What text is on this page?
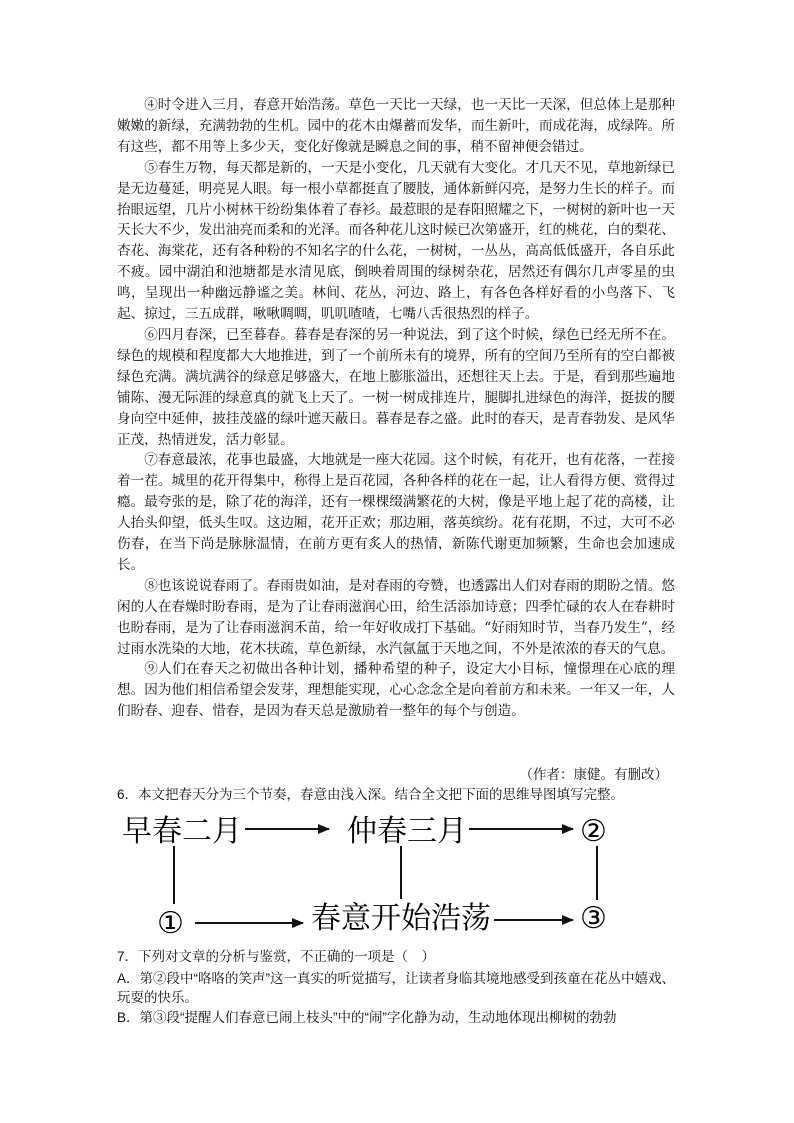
④时令进入三月，春意开始浩荡。草色一天比一天绿，也一天比一天深，但总体上是那种嫩嫩的新绿，充满勃勃的生机。园中的花木由爆蓄而发华，而生新叶，而成花海，成绿阵。所有这些，都不用等上多少天，变化好像就是瞬息之间的事，稍不留神便会错过。

⑤春生万物，每天都是新的，一天是小变化，几天就有大变化。才几天不见，草地新绿已是无边蔓延，明亮晃人眼。每一根小草都挺直了腰肢，通体新鲜闪亮，是努力生长的样子。而抬眼远望，几片小树林干纷纷集体着了春衫。最惹眼的是春阳照耀之下，一树树的新叶也一天天长大不少，发出油亮而柔和的光泽。而各种花儿这时候已次第盛开，红的桃花，白的梨花、杏花、海棠花，还有各种粉的不知名字的什么花，一树树，一丛丛，高高低低盛开，各自乐此不疲。园中湖泊和池塘都是水清见底，倒映着周围的绿树杂花，居然还有偶尔几声零星的虫鸣，呈现出一种幽远静谧之美。林间、花丛，河边、路上，有各色各样好看的小鸟落下、飞起、掠过，三五成群，啾啾啁啁，叽叽喳喳，七嘴八舌很热烈的样子。

⑥四月春深，已至暮春。暮春是春深的另一种说法，到了这个时候，绿色已经无所不在。绿色的规模和程度都大大地推进，到了一个前所未有的境界，所有的空间乃至所有的空白都被绿色充满。满坑满谷的绿意足够盛大，在地上膨胀溢出，还想往天上去。于是，看到那些遍地铺陈、漫无际涯的绿意真的就飞上天了。一树一树成排连片，腿脚扎进绿色的海洋，挺拔的腰身向空中延伸，披挂茂盛的绿叶遮天蔽日。暮春是春之盛。此时的春天，是青春勃发、是风华正茂，热情迸发，活力彰显。

⑦春意最浓，花事也最盛，大地就是一座大花园。这个时候，有花开，也有花落，一茬接着一茬。城里的花开得集中，称得上是百花园，各种各样的花在一起，让人看得方便、赏得过瘾。最夸张的是，除了花的海洋，还有一棵棵缀满繁花的大树，像是平地上起了花的高楼，让人抬头仰望，低头生叹。这边厢，花开正欢；那边厢，落英缤纷。花有花期，不过，大可不必伤春，在当下尚是脉脉温情，在前方更有炙人的热情，新陈代谢更加频繁，生命也会加速成长。

⑧也该说说春雨了。春雨贵如油，是对春雨的夸赞，也透露出人们对春雨的期盼之情。悠闲的人在春燥时盼春雨，是为了让春雨滋润心田，给生活添加诗意；四季忙碌的农人在春耕时也盼春雨，是为了让春雨滋润禾苗，给一年好收成打下基础。“好雨知时节，当春乃发生”，经过雨水洗染的大地，花木扶疏，草色新绿，水汽氤氲于天地之间，不外是浓浓的春天的气息。

⑨人们在春天之初做出各种计划，播种希望的种子，设定大小目标，憧憬理在心底的理想。因为他们相信希望会发芽，理想能实现，心心念念全是向着前方和未来。一年又一年，人们盼春、迎春、惜春，是因为春天总是激励着一整年的每个与创造。

（作者：康健。有删改）
6．本文把春天分为三个节奏，春意由浅入深。结合全文把下面的思维导图填写完整。
早春二月	仲春三月	②
①	春意开始浩荡	③
7．下列对文章的分析与鉴赏，不正确的一项是（　）
A．第②段中“咯咯的笑声”这一真实的听觉描写，让读者身临其境地感受到孩童在花丛中嬉戏、玩耍的快乐。
B．第③段“提醒人们春意已闹上枝头”中的“闹”字化静为动，生动地体现出柳树的勃勃
